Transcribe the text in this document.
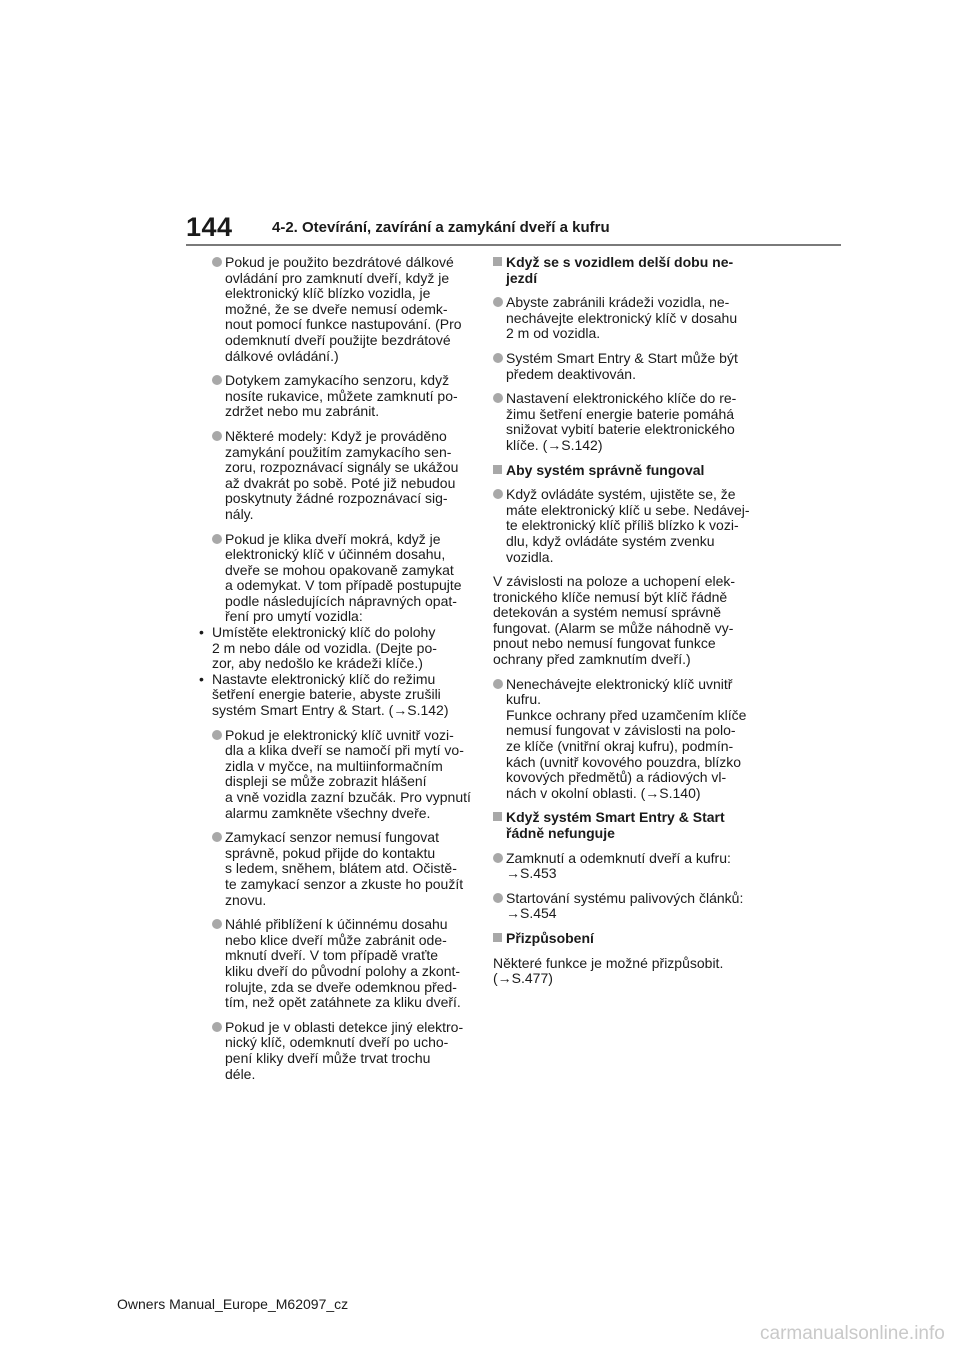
144	4-2. Otevírání, zavírání a zamykání dveří a kufru
Pokud je použito bezdrátové dálkové
ovládání pro zamknutí dveří, když je
elektronický klíč blízko vozidla, je
možné, že se dveře nemusí odemk-
nout pomocí funkce nastupování. (Pro
odemknutí dveří použijte bezdrátové
dálkové ovládání.)
Dotykem zamykacího senzoru, když
nosíte rukavice, můžete zamknutí po-
zdržet nebo mu zabránit.
Některé modely: Když je prováděno
zamykání použitím zamykacího sen-
zoru, rozpoznávací signály se ukážou
až dvakrát po sobě. Poté již nebudou
poskytnuty žádné rozpoznávací sig-
nály.
Pokud je klika dveří mokrá, když je
elektronický klíč v účinném dosahu,
dveře se mohou opakovaně zamykat
a odemykat. V tom případě postupujte
podle následujících nápravných opat-
ření pro umytí vozidla:
• Umístěte elektronický klíč do polohy
2 m nebo dále od vozidla. (Dejte po-
zor, aby nedošlo ke krádeži klíče.)
• Nastavte elektronický klíč do režimu
šetření energie baterie, abyste zrušili
systém Smart Entry & Start. (→S.142)
Pokud je elektronický klíč uvnitř vozi-
dla a klika dveří se namočí při mytí vo-
zidla v myčce, na multiinformačním
displeji se může zobrazit hlášení
a vně vozidla zazní bzučák. Pro vypnutí
alarmu zamkněte všechny dveře.
Zamykací senzor nemusí fungovat
správně, pokud přijde do kontaktu
s ledem, sněhem, blátem atd. Očistě-
te zamykací senzor a zkuste ho použít
znovu.
Náhlé přiblížení k účinnému dosahu
nebo klice dveří může zabránit ode-
mknutí dveří. V tom případě vraťte
kliku dveří do původní polohy a zkont-
rolujte, zda se dveře odemknou před-
tím, než opět zatáhnete za kliku dveří.
Pokud je v oblasti detekce jiný elektro-
nický klíč, odemknutí dveří po ucho-
pení kliky dveří může trvat trochu
déle.
Když se s vozidlem delší dobu ne-
jezdí
Abyste zabránili krádeži vozidla, ne-
nechávejte elektronický klíč v dosahu
2 m od vozidla.
Systém Smart Entry & Start může být
předem deaktivován.
Nastavení elektronického klíče do re-
žimu šetření energie baterie pomáhá
snižovat vybití baterie elektronického
klíče. (→S.142)
Aby systém správně fungoval
Když ovládáte systém, ujistěte se, že
máte elektronický klíč u sebe. Nedávej-
te elektronický klíč příliš blízko k vozi-
dlu, když ovládáte systém zvenku
vozidla.
V závislosti na poloze a uchopení elek-
tronického klíče nemusí být klíč řádně
detekován a systém nemusí správně
fungovat. (Alarm se může náhodně vy-
pnout nebo nemusí fungovat funkce
ochrany před zamknutím dveří.)
Nenechávejte elektronický klíč uvnitř
kufru.
Funkce ochrany před uzamčením klíče
nemusí fungovat v závislosti na polo-
ze klíče (vnitřní okraj kufru), podmín-
kách (uvnitř kovového pouzdra, blízko
kovových předmětů) a rádiových vl-
nách v okolní oblasti. (→S.140)
Když systém Smart Entry & Start
řádně nefunguje
Zamknutí a odemknutí dveří a kufru:
→S.453
Startování systému palivových článků:
→S.454
Přizpůsobení
Některé funkce je možné přizpůsobit.
(→S.477)
Owners Manual_Europe_M62097_cz
carmanualsonline.info
